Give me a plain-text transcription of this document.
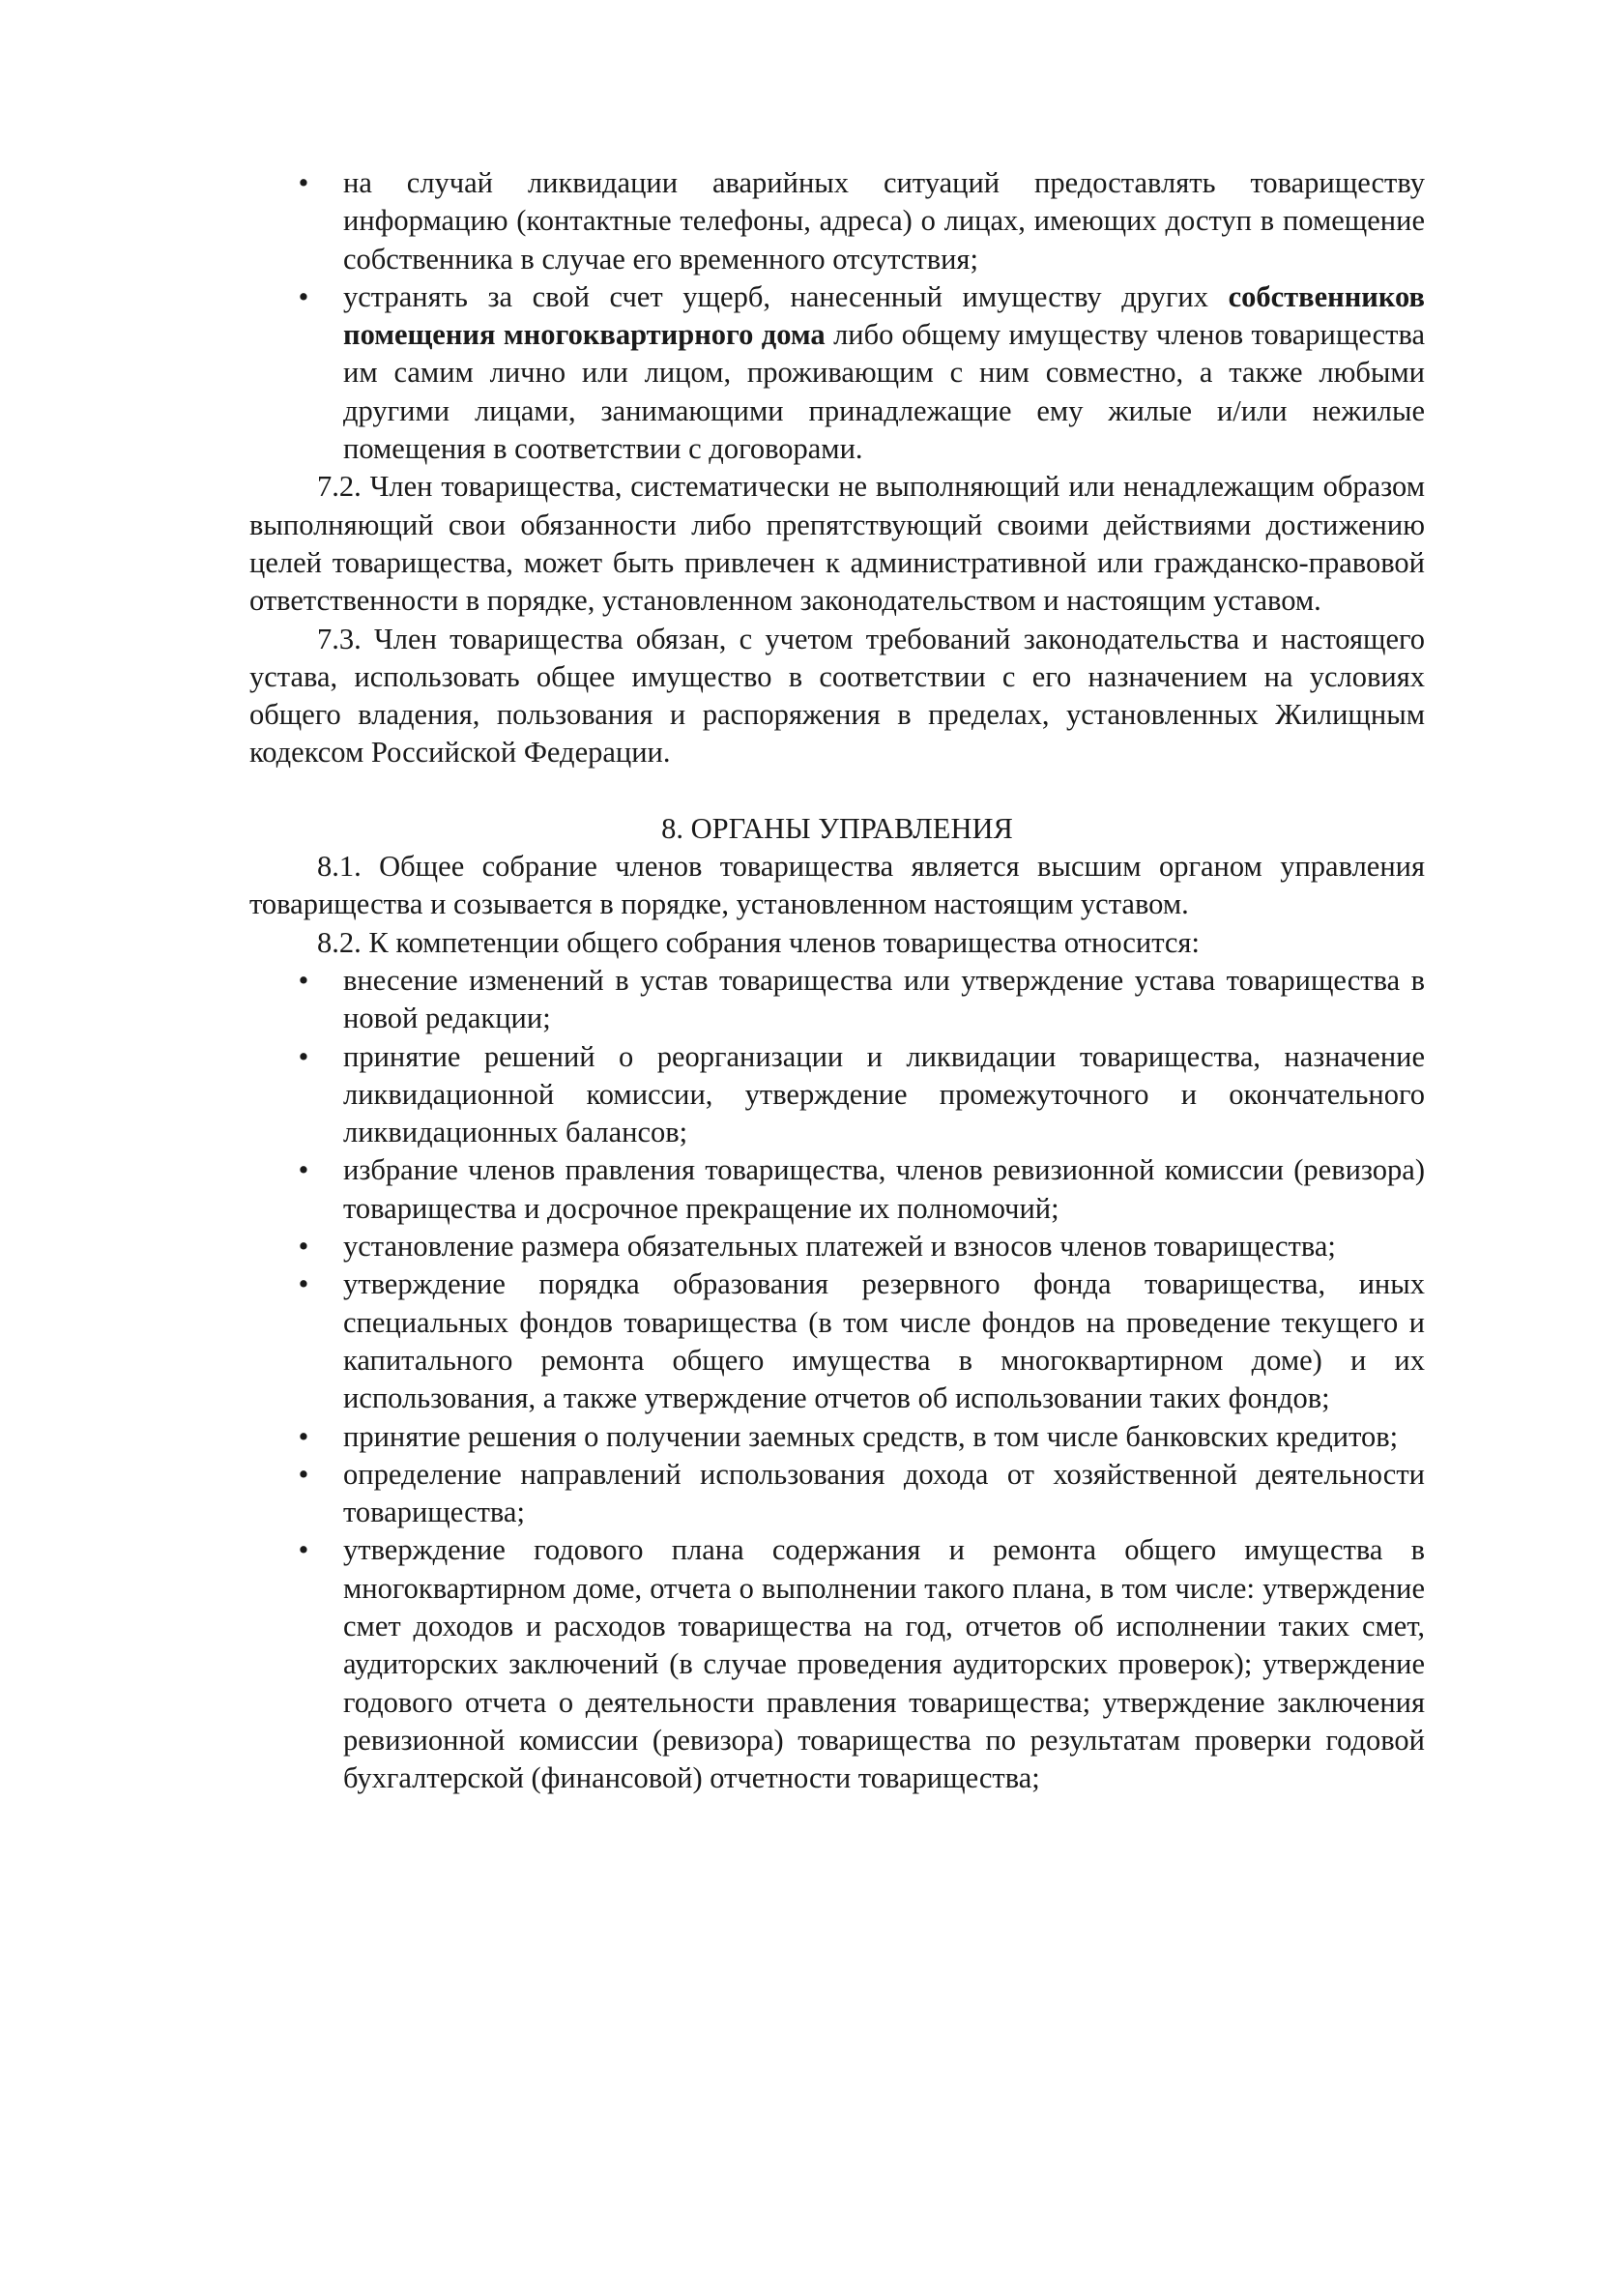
• на случай ликвидации аварийных ситуаций предоставлять товариществу информацию (контактные телефоны, адреса) о лицах, имеющих доступ в помещение собственника в случае его временного отсутствия;
• устранять за свой счет ущерб, нанесенный имуществу других собственников помещения многоквартирного дома либо общему имуществу членов товарищества им самим лично или лицом, проживающим с ним совместно, а также любыми другими лицами, занимающими принадлежащие ему жилые и/или нежилые помещения в соответствии с договорами.

7.2. Член товарищества, систематически не выполняющий или ненадлежащим образом выполняющий свои обязанности либо препятствующий своими действиями достижению целей товарищества, может быть привлечен к административной или гражданско-правовой ответственности в порядке, установленном законодательством и настоящим уставом.

7.3. Член товарищества обязан, с учетом требований законодательства и настоящего устава, использовать общее имущество в соответствии с его назначением на условиях общего владения, пользования и распоряжения в пределах, установленных Жилищным кодексом Российской Федерации.

8. ОРГАНЫ УПРАВЛЕНИЯ

8.1. Общее собрание членов товарищества является высшим органом управления товарищества и созывается в порядке, установленном настоящим уставом.

8.2. К компетенции общего собрания членов товарищества относится:

• внесение изменений в устав товарищества или утверждение устава товарищества в новой редакции;
• принятие решений о реорганизации и ликвидации товарищества, назначение ликвидационной комиссии, утверждение промежуточного и окончательного ликвидационных балансов;
• избрание членов правления товарищества, членов ревизионной комиссии (ревизора) товарищества и досрочное прекращение их полномочий;
• установление размера обязательных платежей и взносов членов товарищества;
• утверждение порядка образования резервного фонда товарищества, иных специальных фондов товарищества (в том числе фондов на проведение текущего и капитального ремонта общего имущества в многоквартирном доме) и их использования, а также утверждение отчетов об использовании таких фондов;
• принятие решения о получении заемных средств, в том числе банковских кредитов;
• определение направлений использования дохода от хозяйственной деятельности товарищества;
• утверждение годового плана содержания и ремонта общего имущества в многоквартирном доме, отчета о выполнении такого плана, в том числе: утверждение смет доходов и расходов товарищества на год, отчетов об исполнении таких смет, аудиторских заключений (в случае проведения аудиторских проверок); утверждение годового отчета о деятельности правления товарищества; утверждение заключения ревизионной комиссии (ревизора) товарищества по результатам проверки годовой бухгалтерской (финансовой) отчетности товарищества;
